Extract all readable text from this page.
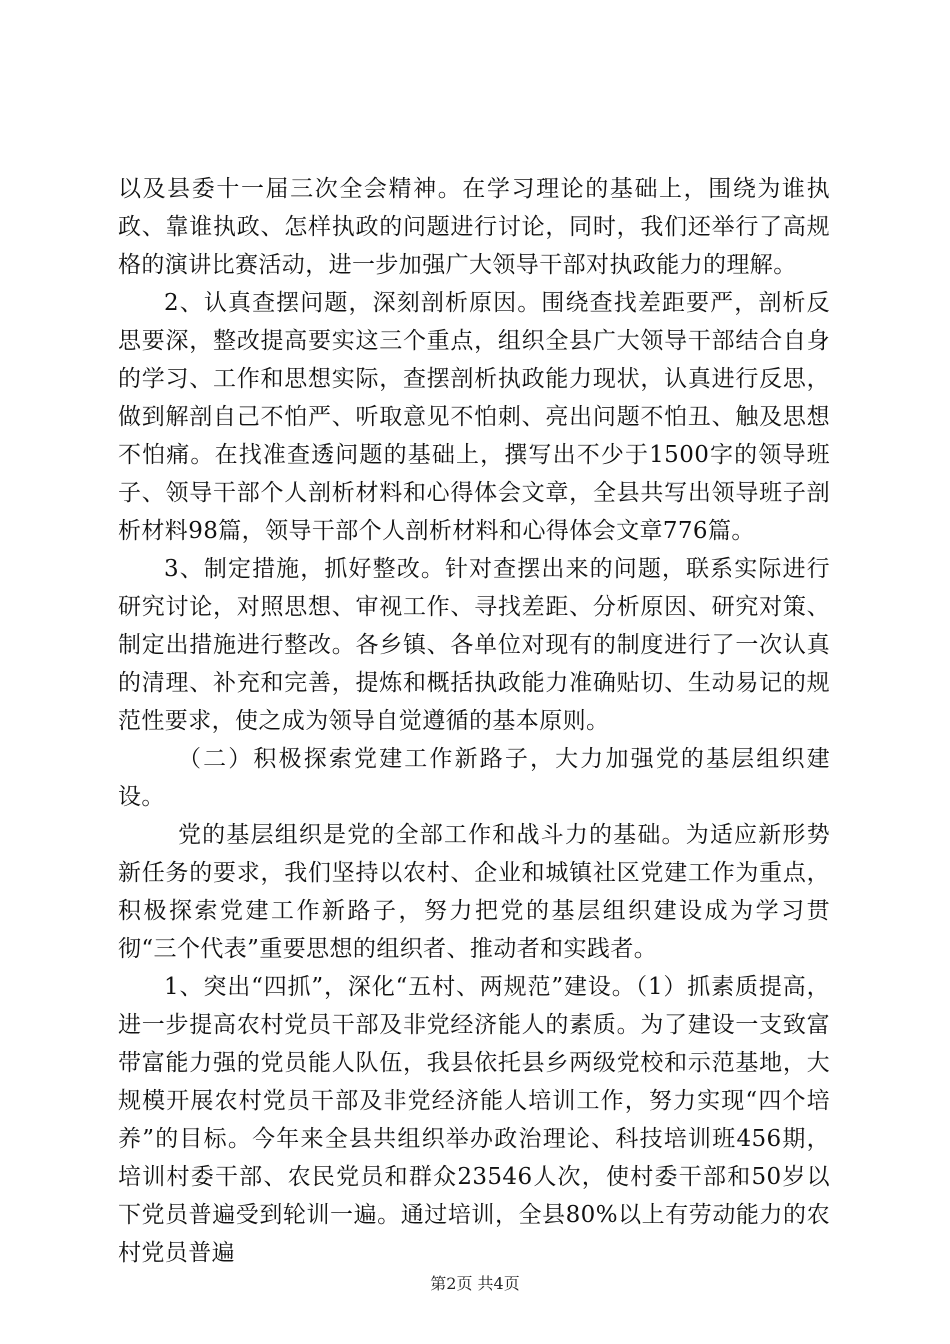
以及县委十一届三次全会精神。在学习理论的基础上，围绕为谁执政、靠谁执政、怎样执政的问题进行讨论，同时，我们还举行了高规格的演讲比赛活动，进一步加强广大领导干部对执政能力的理解。

2、认真查摆问题，深刻剖析原因。围绕查找差距要严，剖析反思要深，整改提高要实这三个重点，组织全县广大领导干部结合自身的学习、工作和思想实际，查摆剖析执政能力现状，认真进行反思，做到解剖自己不怕严、听取意见不怕刺、亮出问题不怕丑、触及思想不怕痛。在找准查透问题的基础上，撰写出不少于1500字的领导班子、领导干部个人剖析材料和心得体会文章，全县共写出领导班子剖析材料98篇，领导干部个人剖析材料和心得体会文章776篇。

3、制定措施，抓好整改。针对查摆出来的问题，联系实际进行研究讨论，对照思想、审视工作、寻找差距、分析原因、研究对策、制定出措施进行整改。各乡镇、各单位对现有的制度进行了一次认真的清理、补充和完善，提炼和概括执政能力准确贴切、生动易记的规范性要求，使之成为领导自觉遵循的基本原则。

（二）积极探索党建工作新路子，大力加强党的基层组织建设。

党的基层组织是党的全部工作和战斗力的基础。为适应新形势新任务的要求，我们坚持以农村、企业和城镇社区党建工作为重点，积极探索党建工作新路子，努力把党的基层组织建设成为学习贯彻“三个代表”重要思想的组织者、推动者和实践者。

1、突出“四抓”，深化“五村、两规范”建设。（1）抓素质提高，进一步提高农村党员干部及非党经济能人的素质。为了建设一支致富带富能力强的党员能人队伍，我县依托县乡两级党校和示范基地，大规模开展农村党员干部及非党经济能人培训工作，努力实现“四个培养”的目标。今年来全县共组织举办政治理论、科技培训班456期，培训村委干部、农民党员和群众23546人次，使村委干部和50岁以下党员普遍受到轮训一遍。通过培训，全县80%以上有劳动能力的农村党员普遍

第2页 共4页
